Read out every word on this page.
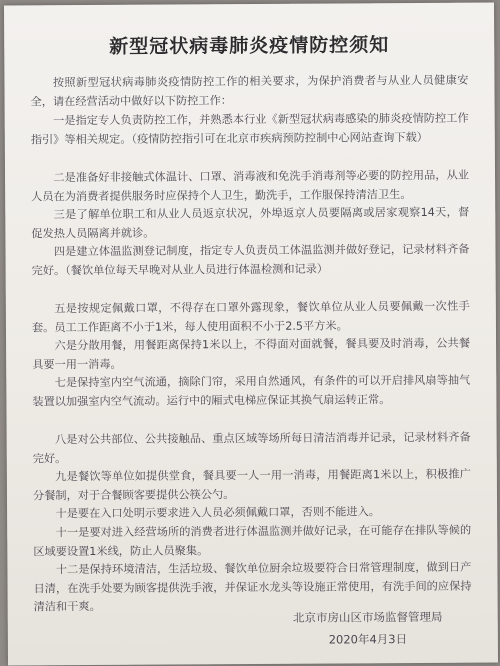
新型冠状病毒肺炎疫情防控须知

按照新型冠状病毒肺炎疫情防控工作的相关要求，为保护消费者与从业人员健康安全，请在经营活动中做好以下防控工作：

一是指定专人负责防控工作，并熟悉本行业《新型冠状病毒感染的肺炎疫情防控工作指引》等相关规定。（疫情防控指引可在北京市疾病预防控制中心网站查询下载）

二是准备好非接触式体温计、口罩、消毒液和免洗手消毒剂等必要的防控用品，从业人员在为消费者提供服务时应保持个人卫生，勤洗手，工作服保持清洁卫生。

三是了解单位职工和从业人员返京状况，外埠返京人员要隔离或居家观察14天，督促发热人员隔离并就诊。

四是建立体温监测登记制度，指定专人负责员工体温监测并做好登记，记录材料齐备完好。（餐饮单位每天早晚对从业人员进行体温检测和记录）

五是按规定佩戴口罩，不得存在口罩外露现象，餐饮单位从业人员要佩戴一次性手套。员工工作距离不小于1米，每人使用面积不小于2.5平方米。

六是分散用餐，用餐距离保持1米以上，不得面对面就餐，餐具要及时消毒，公共餐具要一用一消毒。

七是保持室内空气流通，摘除门帘，采用自然通风，有条件的可以开启排风扇等抽气装置以加强室内空气流动。运行中的厢式电梯应保证其换气扇运转正常。

八是对公共部位、公共接触品、重点区域等场所每日清洁消毒并记录，记录材料齐备完好。

九是餐饮等单位如提供堂食，餐具要一人一用一消毒，用餐距离1米以上，积极推广分餐制，对于合餐顾客要提供公筷公勺。

十是要在入口处明示要求进入人员必须佩戴口罩，否则不能进入。

十一是要对进入经营场所的消费者进行体温监测并做好记录，在可能存在排队等候的区域要设置1米线，防止人员聚集。

十二是保持环境清洁，生活垃圾、餐饮单位厨余垃圾要符合日常管理制度，做到日产日清，在洗手处要为顾客提供洗手液，并保证水龙头等设施正常使用，有洗手间的应保持清洁和干爽。

北京市房山区市场监督管理局
2020年4月3日
